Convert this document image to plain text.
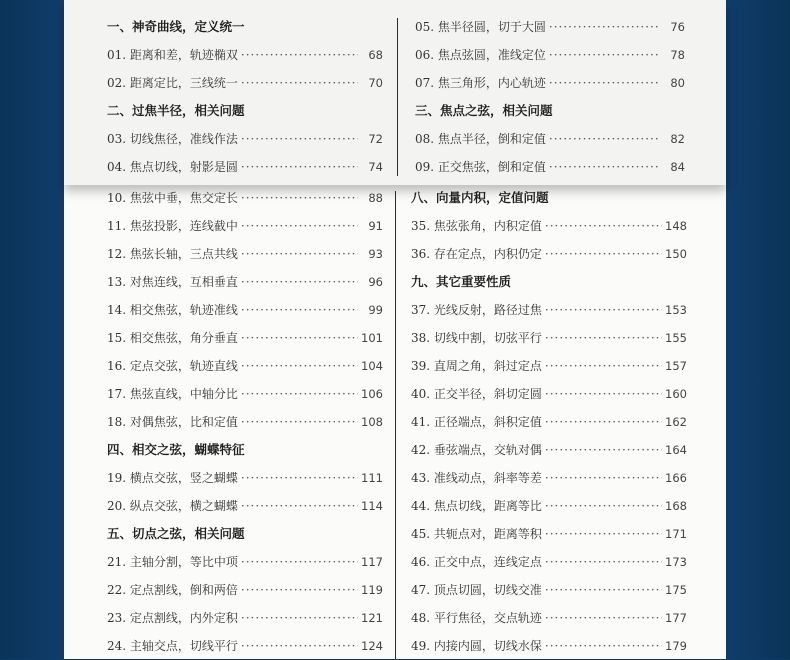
一、神奇曲线，定义统一
01. 距离和差，轨迹椭双 ·····	68
02. 距离定比，三线统一 ·····	70
二、过焦半径，相关问题
03. 切线焦径，准线作法 ·····	72
04. 焦点切线，射影是圆 ·····	74
05. 焦半径圆，切于大圆 ·····	76
06. 焦点弦圆，准线定位 ·····	78
07. 焦三角形，内心轨迹 ·····	80
三、焦点之弦，相关问题
08. 焦点半径，倒和定值 ·····	82
09. 正交焦弦，倒和定值 ·····	84
10. 焦弦中垂，焦交定长 ·····	88
11. 焦弦投影，连线截中 ·····	91
12. 焦弦长轴，三点共线 ·····	93
13. 对焦连线，互相垂直 ·····	96
14. 相交焦弦，轨迹准线 ·····	99
15. 相交焦弦，角分垂直 ·····	101
16. 定点交弦，轨迹直线 ·····	104
17. 焦弦直线，中轴分比 ·····	106
18. 对偶焦弦，比和定值 ·····	108
四、相交之弦，蝴蝶特征
19. 横点交弦，竖之蝴蝶 ·····	111
20. 纵点交弦，横之蝴蝶 ·····	114
五、切点之弦，相关问题
21. 主轴分割，等比中项 ·····	117
22. 定点割线，倒和两倍 ·····	119
23. 定点割线，内外定积 ·····	121
24. 主轴交点，切线平行 ·····	124
八、向量内积，定值问题
35. 焦弦张角，内积定值 ·····	148
36. 存在定点，内积仍定 ·····	150
九、其它重要性质
37. 光线反射，路径过焦 ·····	153
38. 切线中割，切弦平行 ·····	155
39. 直周之角，斜过定点 ·····	157
40. 正交半径，斜切定圆 ·····	160
41. 正径端点，斜积定值 ·····	162
42. 垂弦端点，交轨对偶 ·····	164
43. 准线动点，斜率等差 ·····	166
44. 焦点切线，距离等比 ·····	168
45. 共轭点对，距离等积 ·····	171
46. 正交中点，连线定点 ·····	173
47. 顶点切圆，切线交准 ·····	175
48. 平行焦径，交点轨迹 ·····	177
49. 内接内圆，切线水保 ·····	179
